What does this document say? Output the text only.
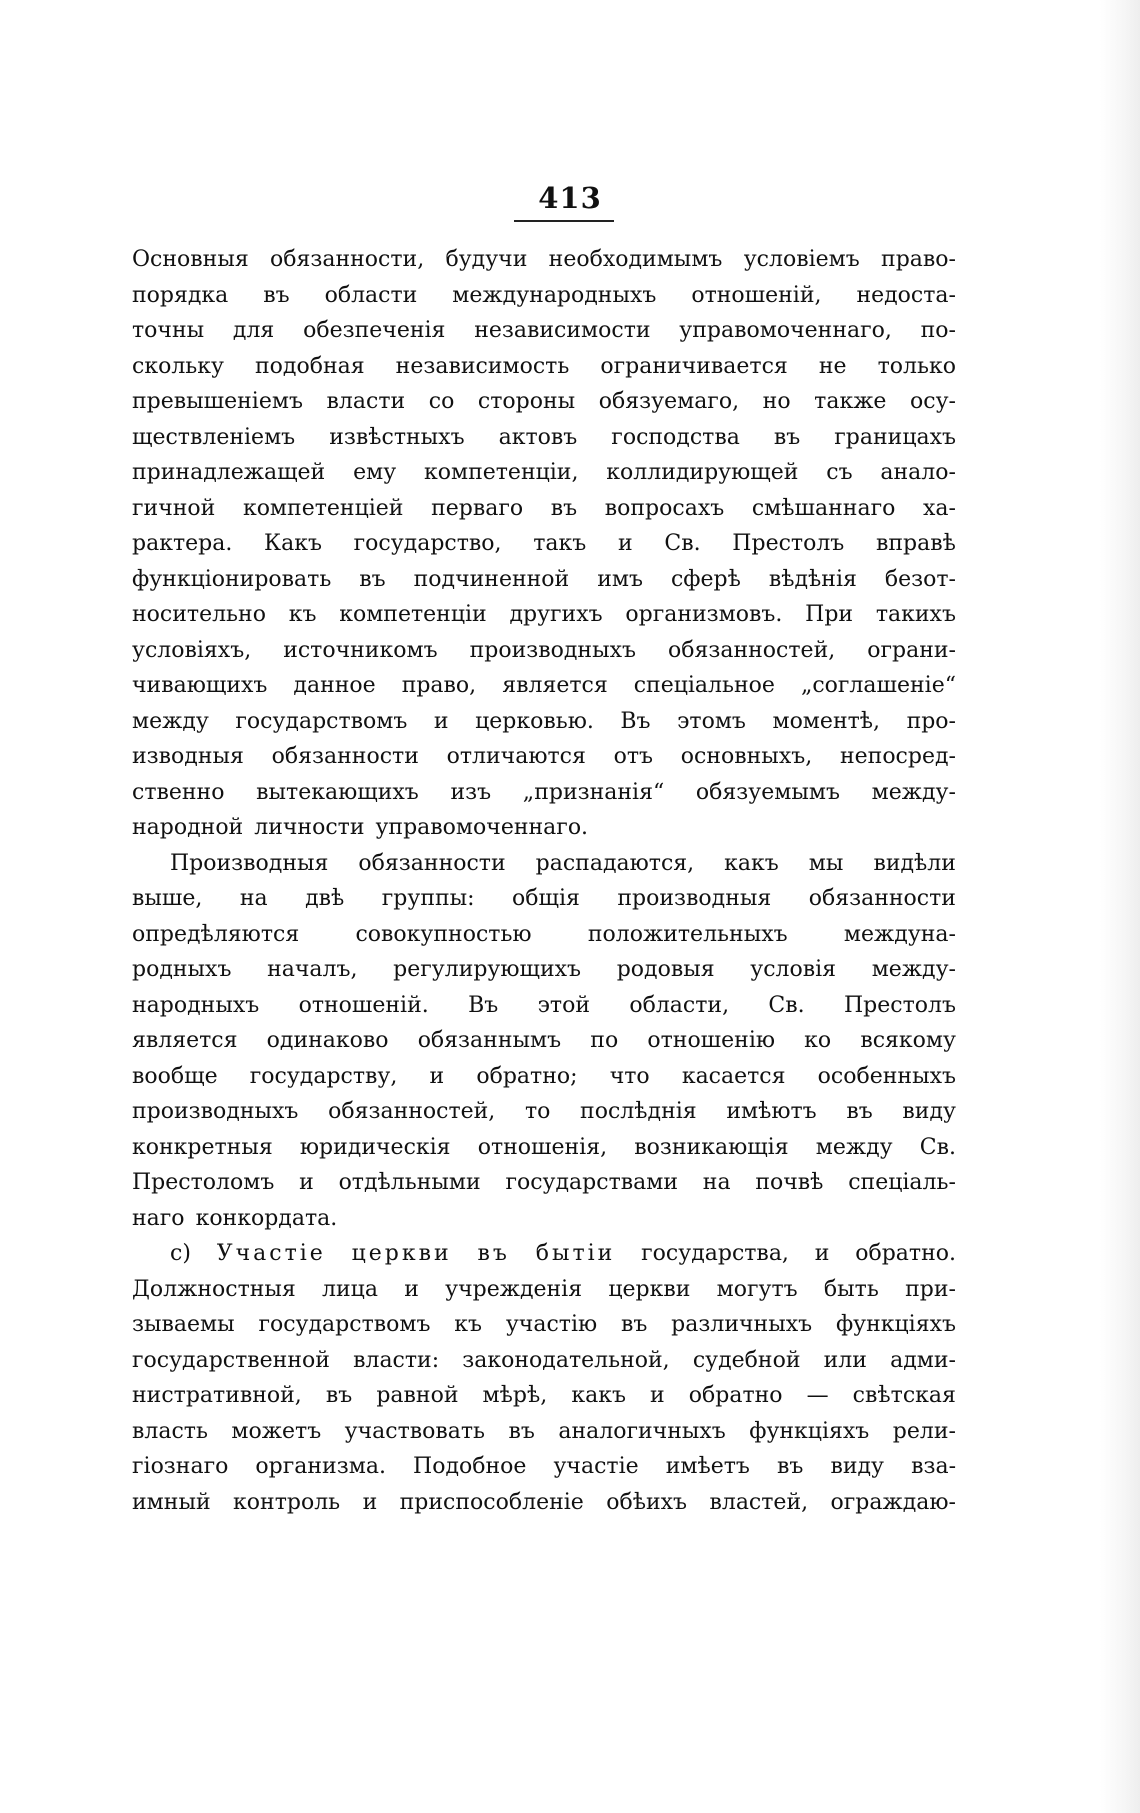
413
Основныя обязанности, будучи необходимымъ условіемъ право-
порядка въ области международныхъ отношеній, недоста-
точны для обезпеченія независимости управомоченнаго, по-
скольку подобная независимость ограничивается не только
превышеніемъ власти со стороны обязуемаго, но также осу-
ществленіемъ извѣстныхъ актовъ господства въ границахъ
принадлежащей ему компетенціи, коллидирующей съ анало-
гичной компетенціей перваго въ вопросахъ смѣшаннаго ха-
рактера. Какъ государство, такъ и Св. Престолъ вправѣ
функціонировать въ подчиненной имъ сферѣ вѣдѣнія безот-
носительно къ компетенціи другихъ организмовъ. При такихъ
условіяхъ, источникомъ производныхъ обязанностей, ограни-
чивающихъ данное право, является спеціальное „соглашеніе“
между государствомъ и церковью. Въ этомъ моментѣ, про-
изводныя обязанности отличаются отъ основныхъ, непосред-
ственно вытекающихъ изъ „признанія“ обязуемымъ между-
народной личности управомоченнаго.
Производныя обязанности распадаются, какъ мы видѣли
выше, на двѣ группы: общія производныя обязанности
опредѣляются	совокупностью	положительныхъ	междуна-
родныхъ началъ, регулирующихъ родовыя условія между-
народныхъ отношеній. Въ этой области, Св. Престолъ
является одинаково обязаннымъ по отношенію ко всякому
вообще государству, и обратно; что касается особенныхъ
производныхъ обязанностей, то послѣднія имѣютъ въ виду
конкретныя юридическія отношенія, возникающія между Св.
Престоломъ и отдѣльными государствами на почвѣ спеціаль-
наго конкордата.
c) Участіе церкви въ бытіи государства, и обратно.
Должностныя лица и учрежденія церкви могутъ быть при-
зываемы государствомъ къ участію въ различныхъ функціяхъ
государственной власти: законодательной, судебной или адми-
нистративной, въ равной мѣрѣ, какъ и обратно — свѣтская
власть можетъ участвовать въ аналогичныхъ функціяхъ рели-
гіознаго организма. Подобное участіе имѣетъ въ виду вза-
имный контроль и приспособленіе обѣихъ властей, ограждаю-
